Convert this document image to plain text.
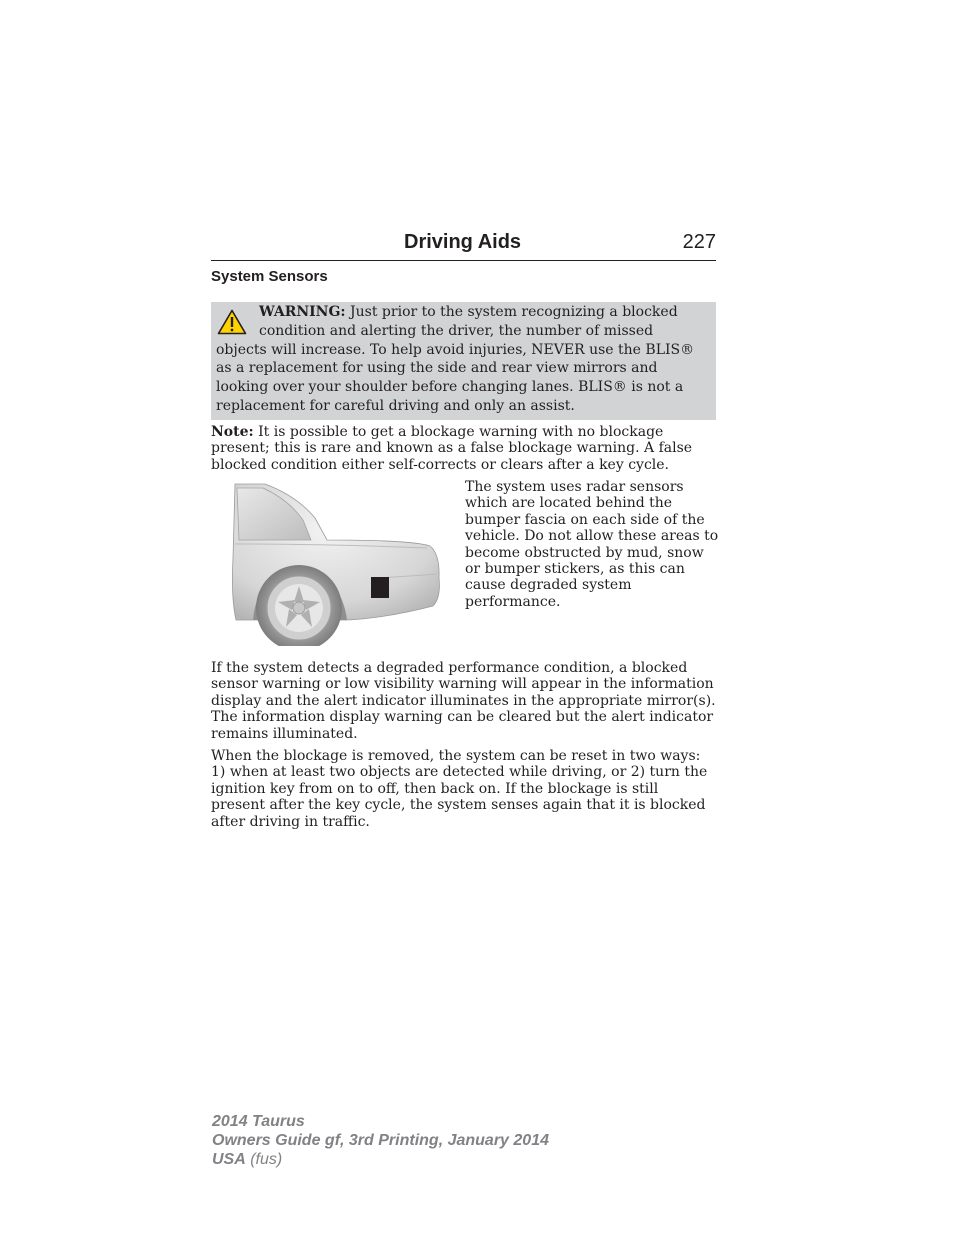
Driving Aids	227
System Sensors
WARNING: Just prior to the system recognizing a blocked condition and alerting the driver, the number of missed objects will increase. To help avoid injuries, NEVER use the BLIS® as a replacement for using the side and rear view mirrors and looking over your shoulder before changing lanes. BLIS® is not a replacement for careful driving and only an assist.
Note: It is possible to get a blockage warning with no blockage present; this is rare and known as a false blockage warning. A false blocked condition either self-corrects or clears after a key cycle.
The system uses radar sensors which are located behind the bumper fascia on each side of the vehicle. Do not allow these areas to become obstructed by mud, snow or bumper stickers, as this can cause degraded system performance.
If the system detects a degraded performance condition, a blocked sensor warning or low visibility warning will appear in the information display and the alert indicator illuminates in the appropriate mirror(s). The information display warning can be cleared but the alert indicator remains illuminated.
When the blockage is removed, the system can be reset in two ways: 1) when at least two objects are detected while driving, or 2) turn the ignition key from on to off, then back on. If the blockage is still present after the key cycle, the system senses again that it is blocked after driving in traffic.
2014 Taurus
Owners Guide gf, 3rd Printing, January 2014
USA (fus)
